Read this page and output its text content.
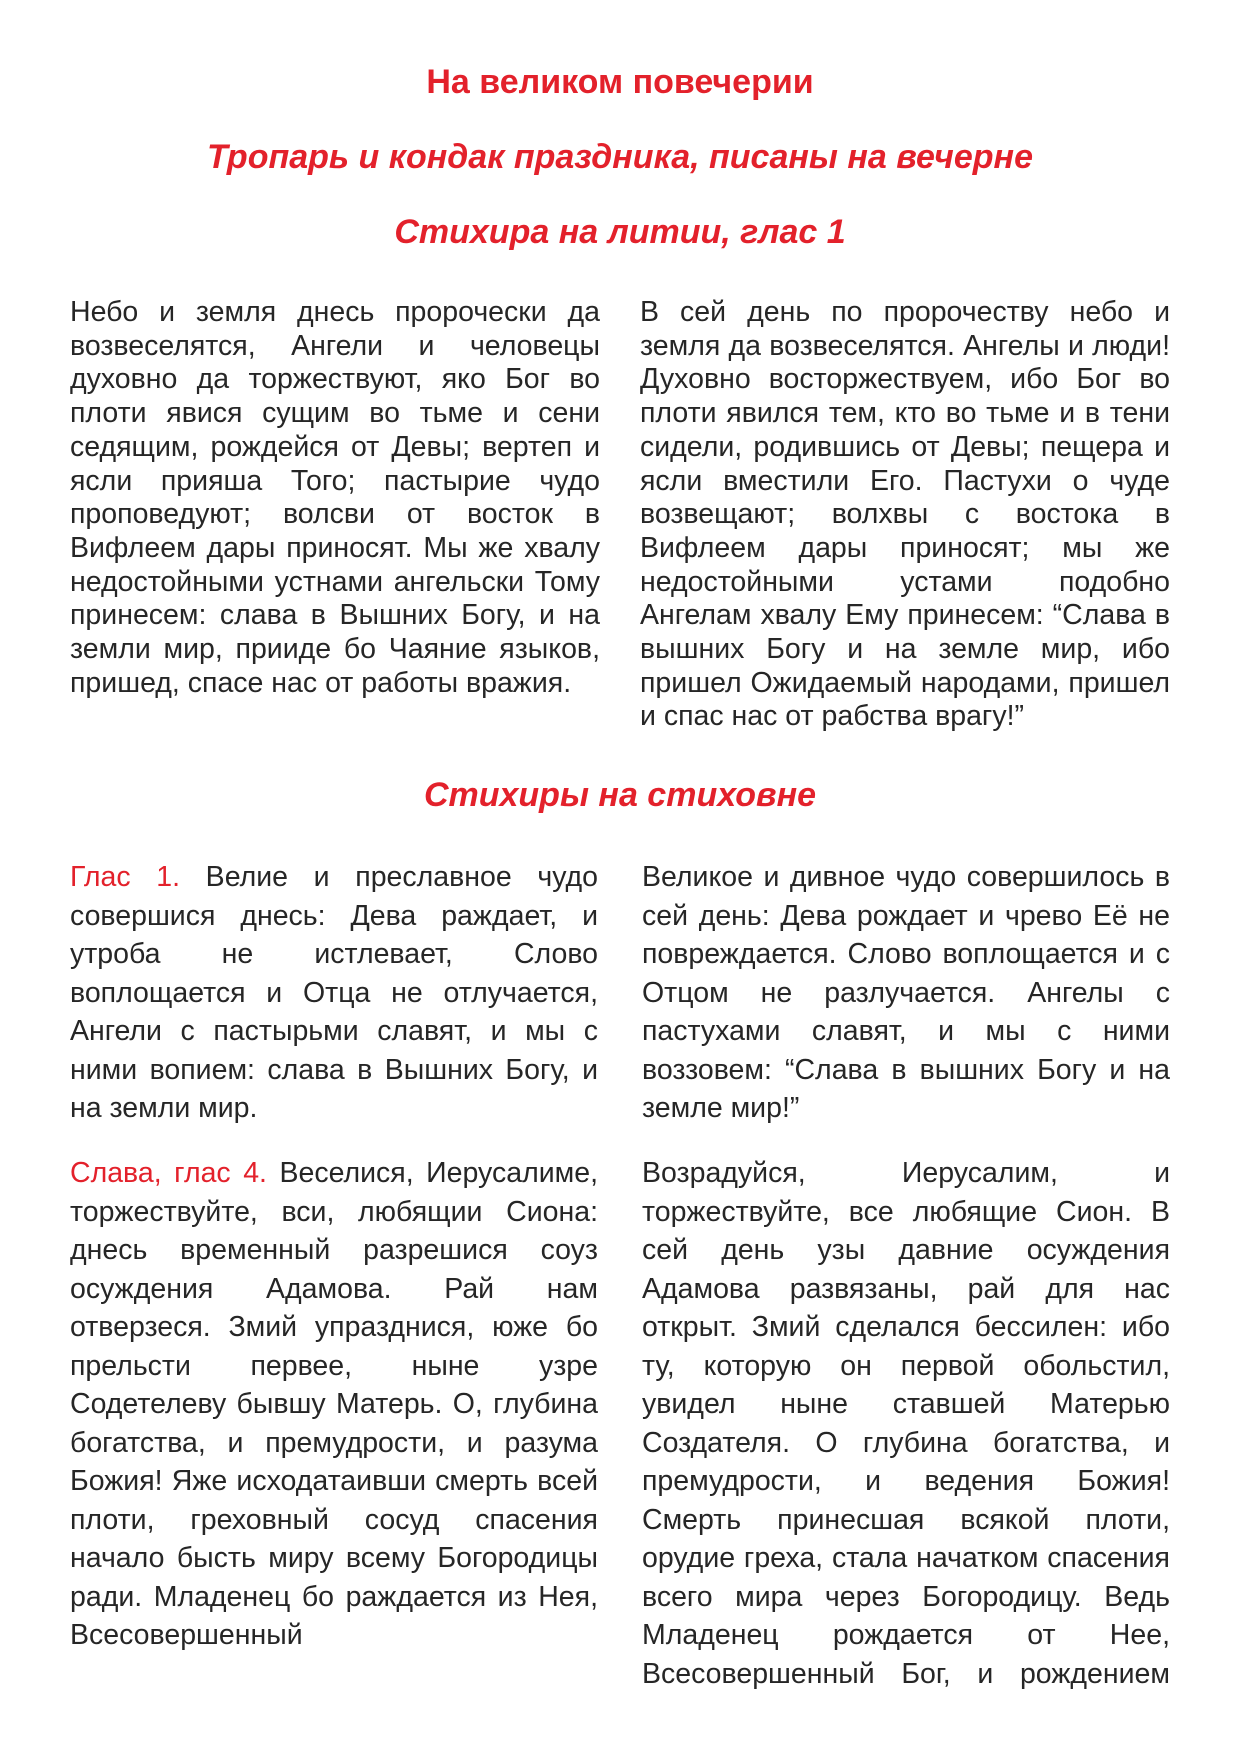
На великом повечерии
Тропарь и кондак праздника, писаны на вечерне
Стихира на литии, глас 1

Небо и земля днесь пророчески да возвеселятся, Ангели и человецы духовно да торжествуют, яко Бог во плоти явися сущим во тьме и сени седящим, рождейся от Девы; вертеп и ясли прияша Того; пастырие чудо проповедуют; волсви от восток в Вифлеем дары приносят. Мы же хвалу недостойными устнами ангельски Тому принесем: слава в Вышних Богу, и на земли мир, прииде бо Чаяние языков, пришед, спасе нас от работы вражия.

В сей день по пророчеству небо и земля да возвеселятся. Ангелы и люди! Духовно восторжествуем, ибо Бог во плоти явился тем, кто во тьме и в тени сидели, родившись от Девы; пещера и ясли вместили Его. Пастухи о чуде возвещают; волхвы с востока в Вифлеем дары приносят; мы же недостойными устами подобно Ангелам хвалу Ему принесем: “Слава в вышних Богу и на земле мир, ибо пришел Ожидаемый народами, пришел и спас нас от рабства врагу!”

Стихиры на стиховне

Глас 1. Велие и преславное чудо совершися днесь: Дева раждает, и утроба не истлевает, Слово воплощается и Отца не отлучается, Ангели с пастырьми славят, и мы с ними вопием: слава в Вышних Богу, и на земли мир.

Великое и дивное чудо совершилось в сей день: Дева рождает и чрево Её не повреждается. Слово воплощается и с Отцом не разлучается. Ангелы с пастухами славят, и мы с ними воззовем: “Слава в вышних Богу и на земле мир!”

Слава, глас 4. Веселися, Иерусалиме, торжествуйте, вси, любящии Сиона: днесь временный разрешися соуз осуждения Адамова. Рай нам отверзеся. Змий упразднися, юже бо прельсти первее, ныне узре Содетелеву бывшу Матерь. О, глубина богатства, и премудрости, и разума Божия! Яже исходатаивши смерть всей плоти, греховный сосуд спасения начало бысть миру всему Богородицы ради. Младенец бо раждается из Нея, Всесовершенный

Возрадуйся, Иерусалим, и торжествуйте, все любящие Сион. В сей день узы давние осуждения Адамова развязаны, рай для нас открыт. Змий сделался бессилен: ибо ту, которую он первой обольстил, увидел ныне ставшей Матерью Создателя. О глубина богатства, и премудрости, и ведения Божия! Смерть принесшая всякой плоти, орудие греха, стала начатком спасения всего мира через Богородицу. Ведь Младенец рождается от Нее, Всесовершенный Бог, и рождением
